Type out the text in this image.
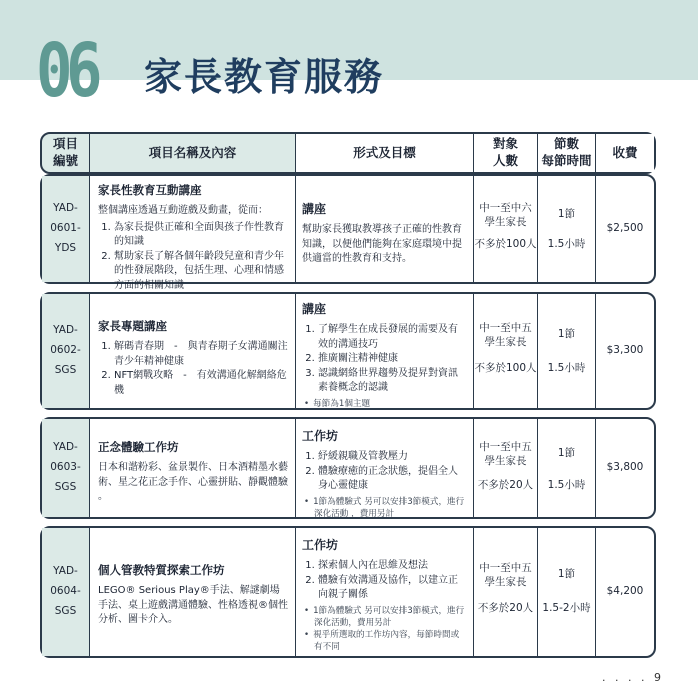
06 家長教育服務
項目
編號
項目名稱及內容	形式及目標
對象
人數
節數
每節時間
收費
YAD-
0601-
YDS
家長性教育互動講座
整個講座透過互動遊戲及動畫，從而：
1. 為家長提供正確和全面與孩子作性教育的知識
2. 幫助家長了解各個年齡段兒童和青少年的性發展階段，包括生理、心理和情感方面的相關知識
講座
幫助家長獲取教導孩子正確的性教育知識，以便他們能夠在家庭環境中提供適當的性教育和支持。
中一至中六
學生家長
不多於100人
1節
1.5小時
$2,500
YAD-
0602-
SGS
家長專題講座
1. 解碼青春期　-　與青春期子女溝通關注青少年精神健康
2. NFT網戰攻略　-　有效溝通化解網絡危機
講座
1. 了解學生在成長發展的需要及有效的溝通技巧
2. 推廣關注精神健康
3. 認識網絡世界趨勢及提昇對資訊素養概念的認識
• 每節為1個主題
中一至中五
學生家長
不多於100人
1節
1.5小時
$3,300
YAD-
0603-
SGS
正念體驗工作坊
日本和諧粉彩、盆景製作、日本酒精墨水藝術、星之花正念手作、心靈拼貼、靜觀體驗 。
工作坊
1. 紓緩親職及管教壓力
2. 體驗療癒的正念狀態，提倡全人身心靈健康
• 1節為體驗式 另可以安排3節模式，進行深化活動 ，費用另計
中一至中五
學生家長
不多於20人
1節
1.5小時
$3,800
YAD-
0604-
SGS
個人管教特質探索工作坊
LEGO® Serious Play®手法、解謎劇場手法、桌上遊戲溝通體驗、性格透視®個性分析、圖卡介入。
工作坊
1. 探索個人內在思維及想法
2. 體驗有效溝通及協作，以建立正向親子關係
• 1節為體驗式 另可以安排3節模式，進行深化活動，費用另計
• 視乎所選取的工作坊內容，每節時間或有不同
中一至中五
學生家長
不多於20人
1節
1.5-2小時
$4,200
. . . . 9
